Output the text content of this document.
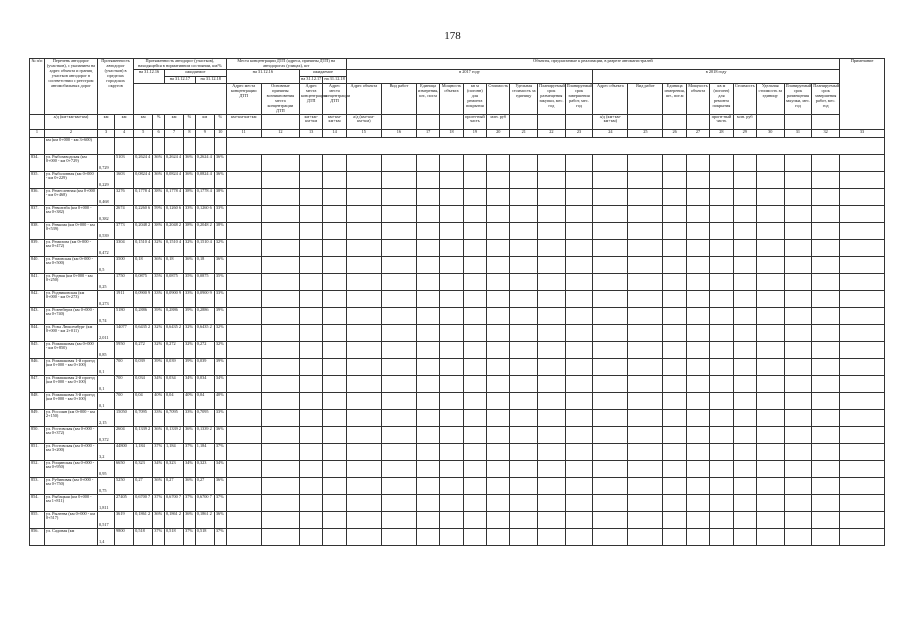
178
№ п/п	Перечень автодорог (участков), с указанием на адрес объекта и границ участков автодорог в соответствии с реестром автомобильных дорог	Протяженность автодорог (участков) в пределах городских округов		Протяженность автодорог (участков), находящейся в нормативном состоянии, км/%						Места концентрации ДТП (адреса, причины ДТП) на автодорогах (улицах), шт				Объекты, предлагаемые к реализации, в разрезе автомагистралей																		Примечание
				на 31.12.16		ожидаемое				на 31.12.16		ожидаемое		в 2017 году									в 2018 году									
						на 31.12.17		на 31.12.18				на 31.12.17	на 31.12.18																			
										Адрес места концентрации ДТП	Основные причины возникновения места концентрации ДТП	Адрес места концентрации ДТП	Адрес места концентрации ДТП	Адрес объекта	Вид работ	Единица измерения, шт., пог.м	Мощность объекта	кв м (погонн) для ремонта покрытия	Стоимость	Удельная стоимость за единицу	Планируемый срок размещения закупки, мес. год	Планируемый срок завершения работ, мес. год	Адрес объекта	Вид работ	Единица измерения, шт., пог.м	Мощность объекта	кв м (погонн) для ремонта покрытия	Стоимость	Удельная стоимость за единицу	Планируемый срок размещения закупки, мес. год	Планируемый срок завершения работ, мес. год	
	а/д (км+км-км+км)	км	км	км	%	км	%	км	%	км+км-км+км		км+км-км+км	км+км-км+км	а/д (км+км-км+км)				прогн-ный часть	млн. руб				а/д (км+км-км+км)				прогн-ный часть	млн. руб				
1	2	3	4	5	6	7	8	9	10	11	12	13	14	15	16	17	18	19	20	21	22	23	24	25	26	27	28	29	30	31	32	33
	км (км 0+000 - км 3+600)																															
834.	ул. Рыбозаводская (км 0+000 - км 0+729)	0,729	5103	0,2624 4	36%	0,2624 4	36%	0,2624 4	36%																							
835.	ул. Рыболовная (км 0+000 - км 0+229)	0,229	1603	0,0824 4	36%	0,0824 4	36%	0,0824 4	36%																							
836.	ул. Ремесленная (км 0+000 - км 0+468)	0,468	3276	0,1778 4	38%	0,1778 4	38%	0,1778 4	38%																							
837.	ул. Ревштаба (км 0+000 - км 0+382)	0,382	2674	0,2260 6	59%	0,1260 6	33%	0,1260 6	33%																							
838.	ул. Ревкома (км 0+000 - км 0+539)	0,539	3773	0,2048 2	38%	0,2048 2	38%	0,2048 2	38%																							
839.	ул. Ремизова (км 0+000 - км 0+472)	0,472	3304	0,1510 4	32%	0,1510 4	32%	0,1510 4	32%																							
840.	ул. Рэмовская (км 0+000 - км 0+500)	0,5	3500	0,18	36%	0,18	36%	0,18	36%																							
841.	ул. Родная (км 0+000 - км 0+250)	0,25	1750	0,0875	35%	0,0875	35%	0,0875	35%																							
842.	ул. Родниковская (км 0+000 - км 0+273)	0,273	1911	0,0900 9	33%	0,0900 9	33%	0,0900 9	33%																							
843.	ул. Розенберга (км 0+000 - км 0+740)	0,74	5180	0,2886	39%	0,2886	39%	0,2886	39%																							
844.	ул. Розы Люксембург (км 0+000 - км 2+011)	2,011	14077	0,6435 2	32%	0,6435 2	32%	0,6435 2	32%																							
845.	ул. Ромашковая (км 0+000 - км 0+850)	0,85	5950	0,272	32%	0,272	32%	0,272	32%																							
846.	ул. Ромашковая 1-й проезд (км 0+000 - км 0+100)	0,1	700	0,039	39%	0,039	39%	0,039	39%																							
847.	ул. Ромашковая 2-й проезд (км 0+000 - км 0+100)	0,1	700	0,034	34%	0,034	34%	0,034	34%																							
848.	ул. Ромашковая 3-й проезд (км 0+000 - км 0+100)	0,1	700	0,04	40%	0,04	40%	0,04	40%																							
849.	ул. Россиян (км 0+000 - км 2+150)	2,15	15050	0,7095	33%	0,7095	33%	0,7095	33%																							
850.	ул. Ростовская (км 0+000 - км 0+372)	0,372	2604	0,1339 2	36%	0,1339 2	36%	0,1339 2	36%																							
851.	ул. Ростовская (км 0+000 - км 3+200)	3,2	44800	1,184	37%	1,184	37%	1,184	37%																							
852.	ул. Рощинская (км 0+000 - км 0+950)	0,95	6650	0,323	34%	0,323	34%	0,323	34%																							
853.	ул. Рубиновая (км 0+000 - км 0+750)	0,75	5250	0,27	36%	0,27	36%	0,27	36%																							
854.	ул. Рыбацкая (км 0+000 - км 1+811)	1,811	27405	0,6700 7	37%	0,6700 7	37%	0,6700 7	37%																							
855.	ул. Рылеева (км 0+000 - км 0+517)	0,517	3619	0,1861 2	36%	0,1861 2	36%	0,1861 2	36%																							
856.	ул. Садовая (км	1,4	9800	0,518	37%	0,518	37%	0,518	37%																							
